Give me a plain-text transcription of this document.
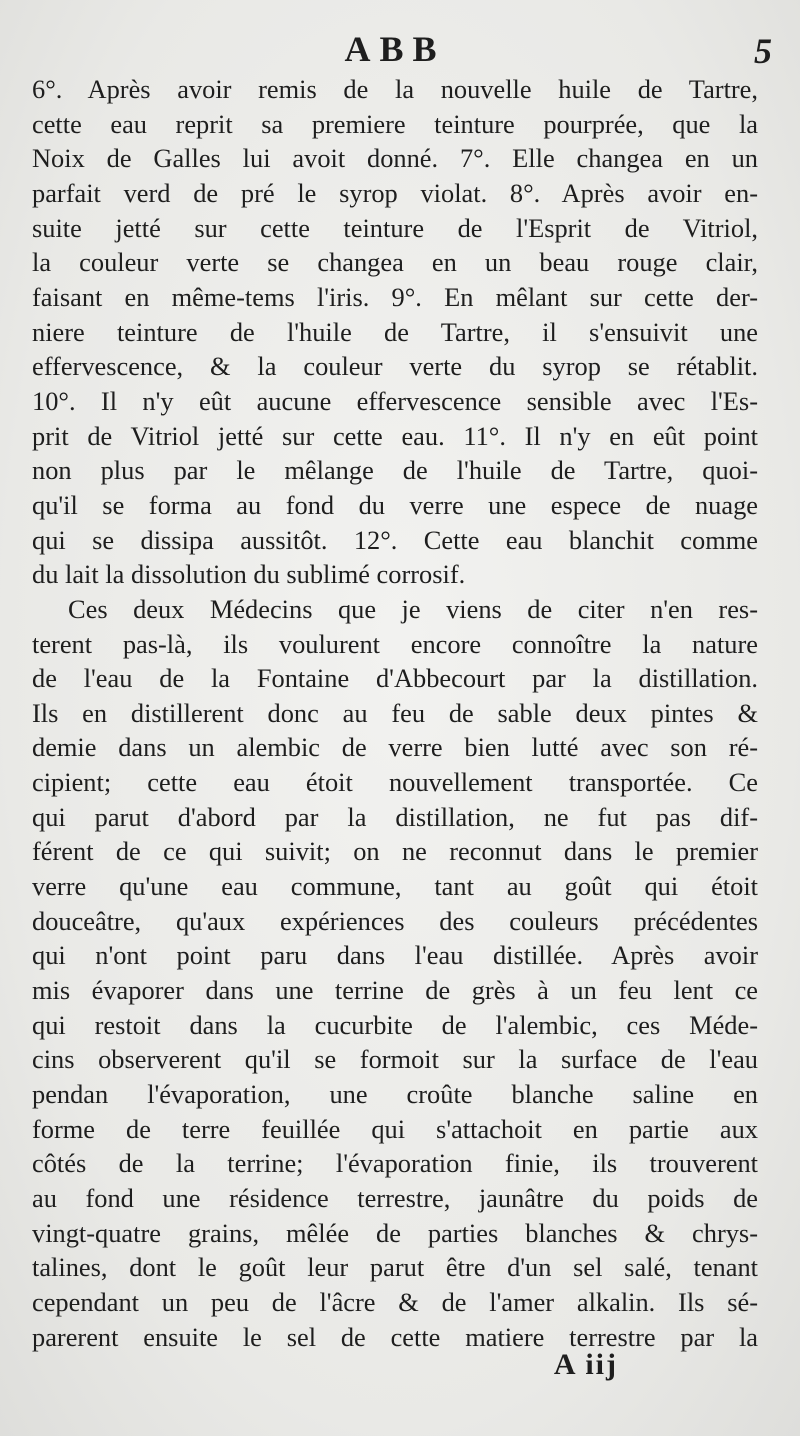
ABB	5

6°. Après avoir remis de la nouvelle huile de Tartre,
cette eau reprit sa premiere teinture pourprée, que la
Noix de Galles lui avoit donné. 7°. Elle changea en un
parfait verd de pré le syrop violat. 8°. Après avoir en-
suite jetté sur cette teinture de l'Esprit de Vitriol,
la couleur verte se changea en un beau rouge clair,
faisant en même-tems l'iris. 9°. En mêlant sur cette der-
niere teinture de l'huile de Tartre, il s'ensuivit une
effervescence, & la couleur verte du syrop se rétablit.
10°. Il n'y eût aucune effervescence sensible avec l'Es-
prit de Vitriol jetté sur cette eau. 11°. Il n'y en eût point
non plus par le mêlange de l'huile de Tartre, quoi-
qu'il se forma au fond du verre une espece de nuage
qui se dissipa aussitôt. 12°. Cette eau blanchit comme
du lait la dissolution du sublimé corrosif.

Ces deux Médecins que je viens de citer n'en res-
terent pas-là, ils voulurent encore connoître la nature
de l'eau de la Fontaine d'Abbecourt par la distillation.
Ils en distillerent donc au feu de sable deux pintes &
demie dans un alembic de verre bien lutté avec son ré-
cipient; cette eau étoit nouvellement transportée. Ce
qui parut d'abord par la distillation, ne fut pas dif-
férent de ce qui suivit; on ne reconnut dans le premier
verre qu'une eau commune, tant au goût qui étoit
douceâtre, qu'aux expériences des couleurs précédentes
qui n'ont point paru dans l'eau distillée. Après avoir
mis évaporer dans une terrine de grès à un feu lent ce
qui restoit dans la cucurbite de l'alembic, ces Méde-
cins observerent qu'il se formoit sur la surface de l'eau
pendan l'évaporation, une croûte blanche saline en
forme de terre feuillée qui s'attachoit en partie aux
côtés de la terrine; l'évaporation finie, ils trouverent
au fond une résidence terrestre, jaunâtre du poids de
vingt-quatre grains, mêlée de parties blanches & chrys-
talines, dont le goût leur parut être d'un sel salé, tenant
cependant un peu de l'âcre & de l'amer alkalin. Ils sé-
parerent ensuite le sel de cette matiere terrestre par la

A iij
